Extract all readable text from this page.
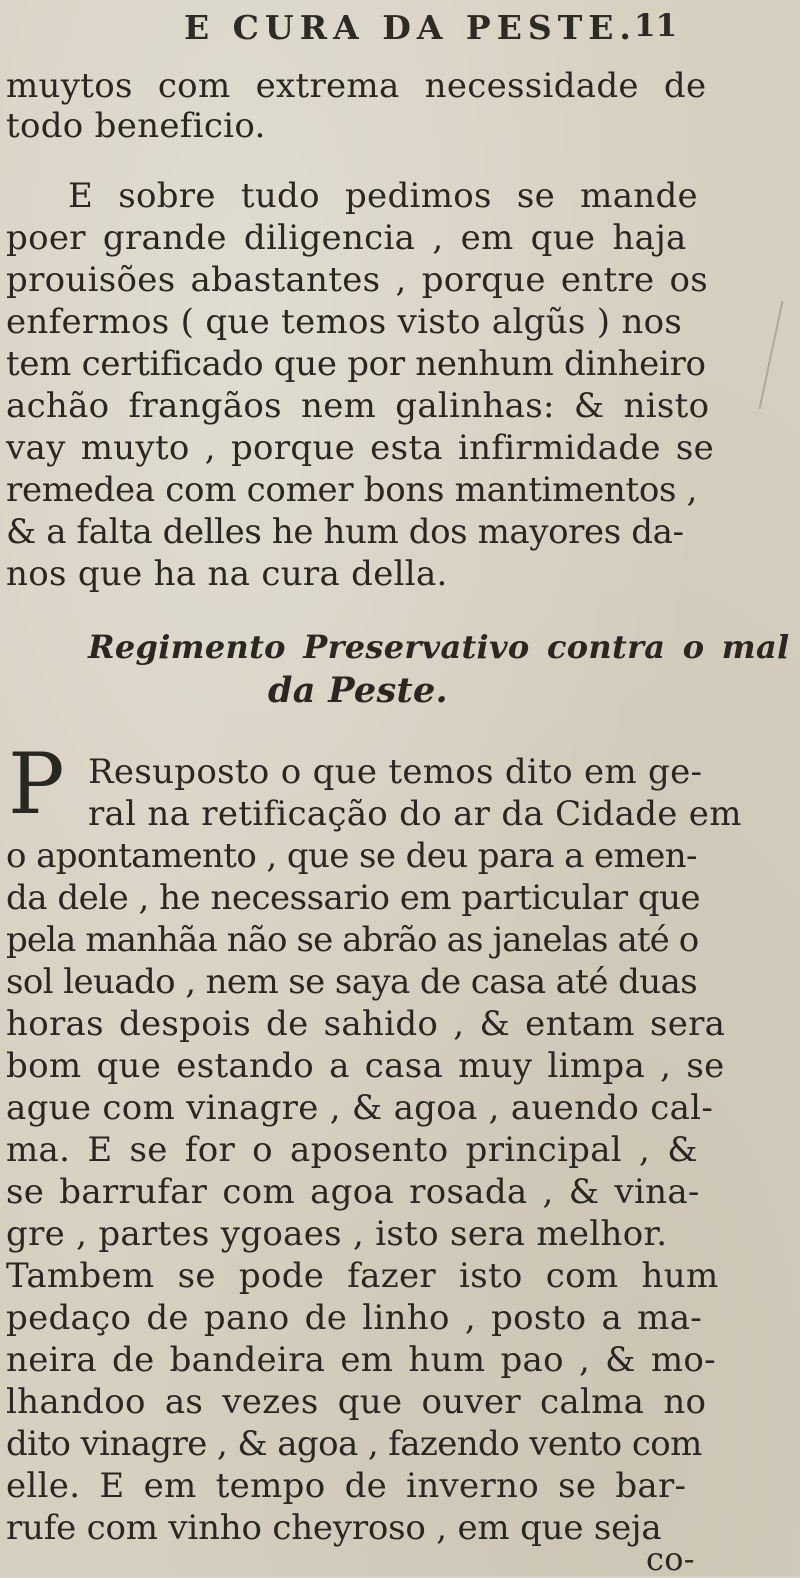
E CURA DA PESTE.
11
muytos com extrema necessidade de
todo beneficio.
E sobre tudo pedimos se mande
poer grande diligencia , em que haja
prouisões abastantes , porque entre os
enfermos ( que temos visto algũs ) nos
tem certificado que por nenhum dinheiro
achão frangãos nem galinhas: & nisto
vay muyto , porque esta infirmidade se
remedea com comer bons mantimentos ,
& a falta delles he hum dos mayores da-
nos que ha na cura della.
Regimento Preservativo contra o mal
da Peste.
P Resuposto o que temos dito em ge-
ral na retificação do ar da Cidade em
o apontamento , que se deu para a emen-
da dele , he necessario em particular que
pela manhãa não se abrão as janelas até o
sol leuado , nem se saya de casa até duas
horas despois de sahido , & entam sera
bom que estando a casa muy limpa , se
ague com vinagre , & agoa , auendo cal-
ma. E se for o aposento principal , &
se barrufar com agoa rosada , & vina-
gre , partes ygoaes , isto sera melhor.
Tambem se pode fazer isto com hum
pedaço de pano de linho , posto a ma-
neira de bandeira em hum pao , & mo-
lhandoo as vezes que ouver calma no
dito vinagre , & agoa , fazendo vento com
elle. E em tempo de inverno se bar-
rufe com vinho cheyroso , em que seja
co-
